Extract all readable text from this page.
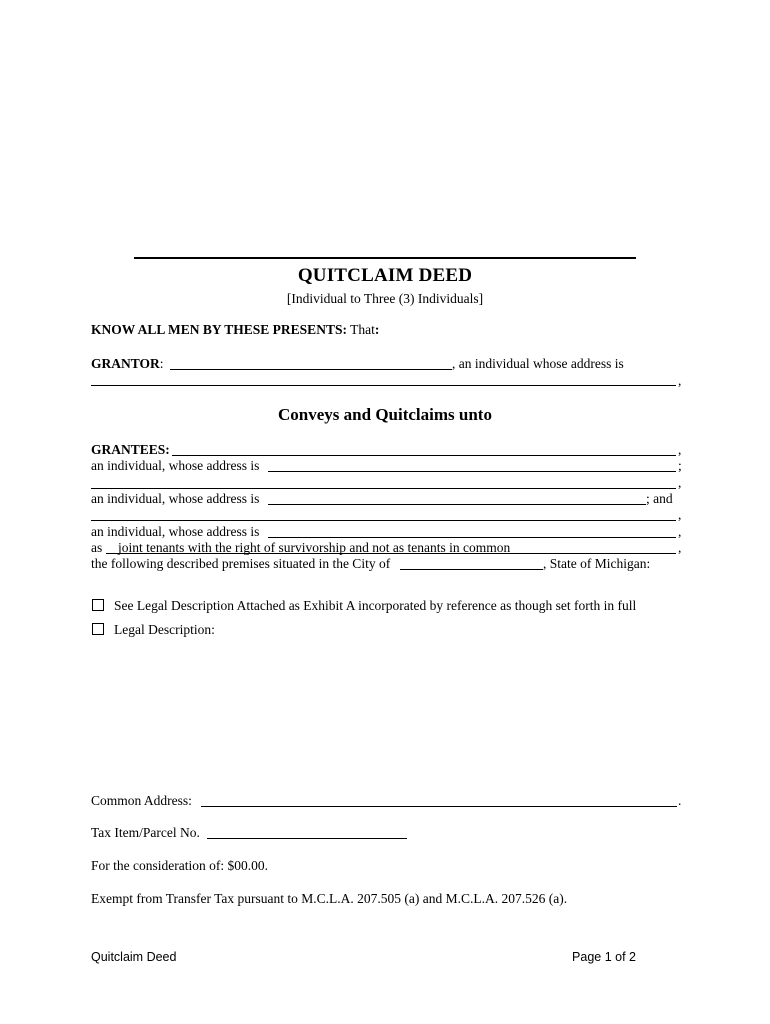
QUITCLAIM DEED
[Individual to Three (3) Individuals]
KNOW ALL MEN BY THESE PRESENTS: That:
GRANTOR:	, an individual whose address is
,
Conveys and Quitclaims unto
GRANTEES:	,
an individual, whose address is	;
,
an individual, whose address is	; and
,
an individual, whose address is	,
as joint tenants with the right of survivorship and not as tenants in common	,
the following described premises situated in the City of	, State of Michigan:
See Legal Description Attached as Exhibit A incorporated by reference as though set forth in full
Legal Description:
Common Address:	.
Tax Item/Parcel No.
For the consideration of: $00.00.
Exempt from Transfer Tax pursuant to M.C.L.A. 207.505 (a) and M.C.L.A. 207.526 (a).
Quitclaim Deed	Page 1 of 2
